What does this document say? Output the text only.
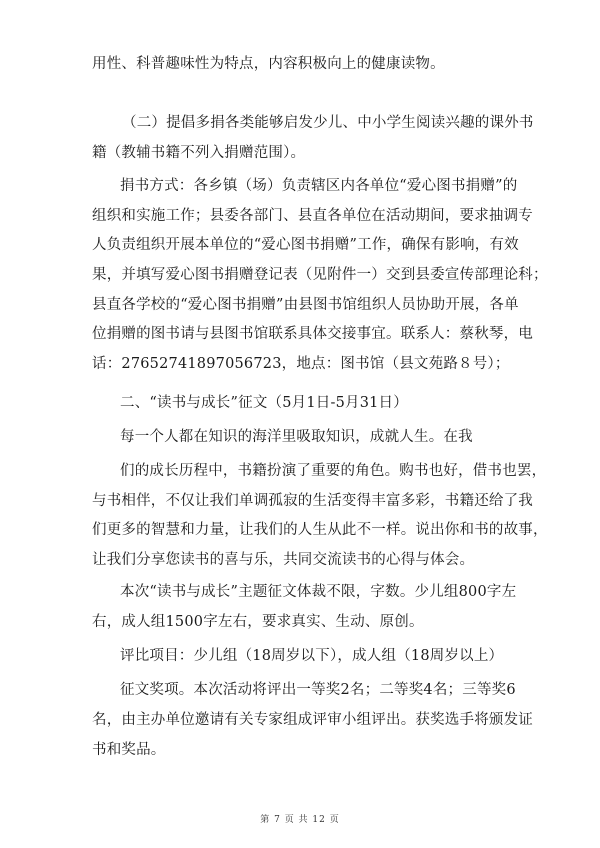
用性、科普趣味性为特点，内容积极向上的健康读物。
（二）提倡多捐各类能够启发少儿、中小学生阅读兴趣的课外书
籍（教辅书籍不列入捐赠范围）。
捐书方式：各乡镇（场）负责辖区内各单位“爱心图书捐赠”的
组织和实施工作；县委各部门、县直各单位在活动期间，要求抽调专
人负责组织开展本单位的“爱心图书捐赠”工作，确保有影响，有效
果，并填写爱心图书捐赠登记表（见附件一）交到县委宣传部理论科；
县直各学校的“爱心图书捐赠”由县图书馆组织人员协助开展，各单
位捐赠的图书请与县图书馆联系具体交接事宜。联系人：蔡秋琴，电
话：27652741897056723，地点：图书馆（县文苑路８号）；
二、“读书与成长”征文（5月1日-5月31日）
每一个人都在知识的海洋里吸取知识，成就人生。在我
们的成长历程中，书籍扮演了重要的角色。购书也好，借书也罢，
与书相伴，不仅让我们单调孤寂的生活变得丰富多彩，书籍还给了我
们更多的智慧和力量，让我们的人生从此不一样。说出你和书的故事，
让我们分享您读书的喜与乐，共同交流读书的心得与体会。
本次“读书与成长”主题征文体裁不限，字数。少儿组800字左
右，成人组1500字左右，要求真实、生动、原创。
评比项目：少儿组（18周岁以下），成人组（18周岁以上）
征文奖项。本次活动将评出一等奖2名；二等奖4名；三等奖6
名，由主办单位邀请有关专家组成评审小组评出。获奖选手将颁发证
书和奖品。
第 7 页 共 12 页
